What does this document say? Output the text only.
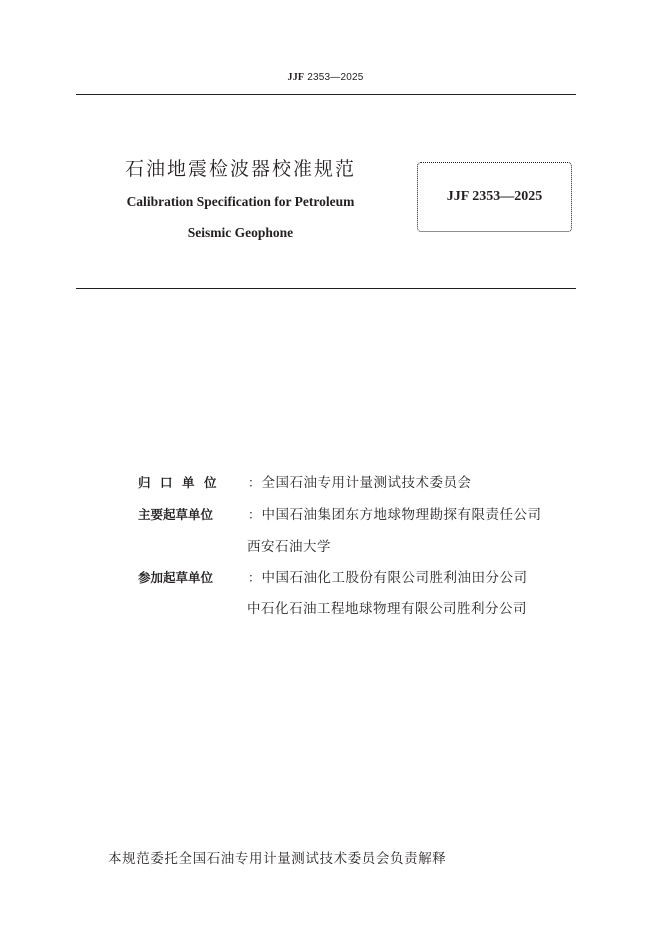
JJF 2353—2025
石油地震检波器校准规范
Calibration Specification for Petroleum
Seismic Geophone
JJF 2353—2025
归口单位	： 全国石油专用计量测试技术委员会
主要起草单位	： 中国石油集团东方地球物理勘探有限责任公司
西安石油大学
参加起草单位	： 中国石油化工股份有限公司胜利油田分公司
中石化石油工程地球物理有限公司胜利分公司
本规范委托全国石油专用计量测试技术委员会负责解释
